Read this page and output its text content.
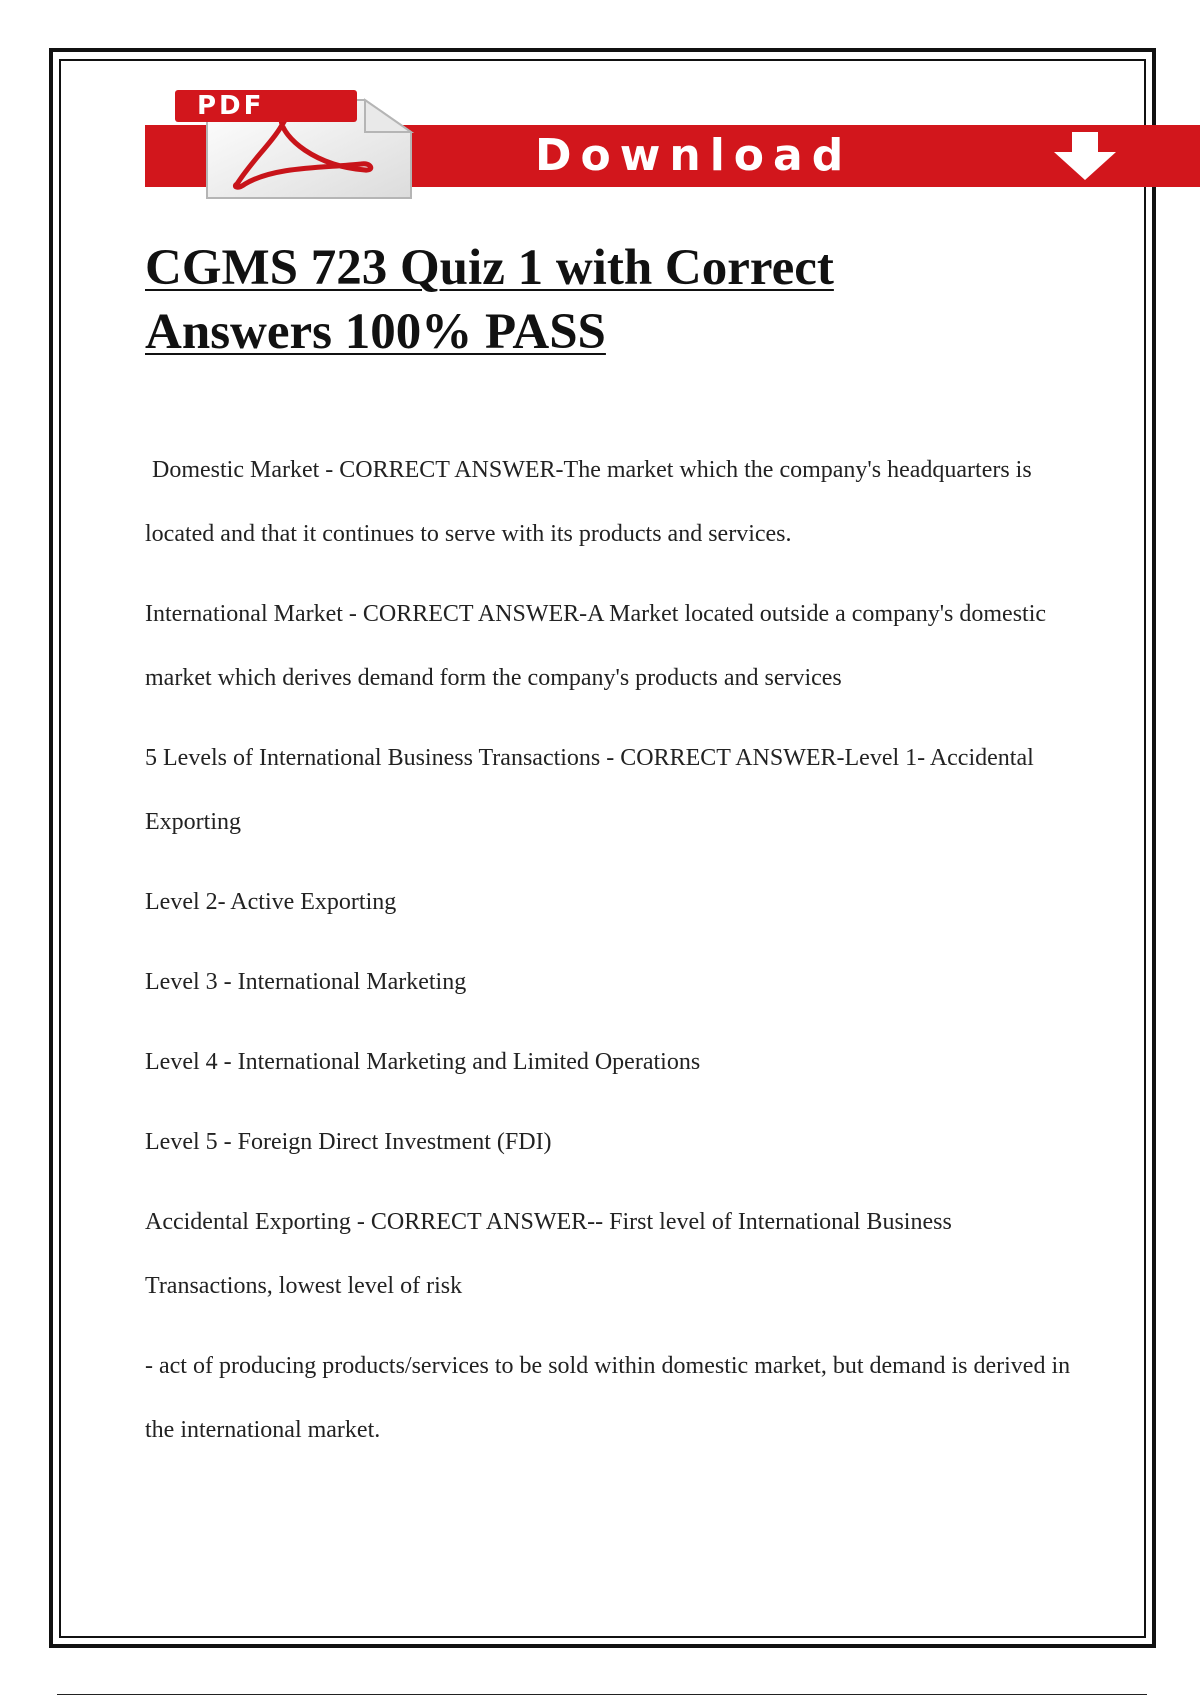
Download
PDF
CGMS 723 Quiz 1 with Correct
Answers 100% PASS

Domestic Market - CORRECT ANSWER-The market which the company's headquarters is located and that it continues to serve with its products and services.

International Market - CORRECT ANSWER-A Market located outside a company's domestic market which derives demand form the company's products and services

5 Levels of International Business Transactions - CORRECT ANSWER-Level 1- Accidental Exporting

Level 2- Active Exporting

Level 3 - International Marketing

Level 4 - International Marketing and Limited Operations

Level 5 - Foreign Direct Investment (FDI)

Accidental Exporting - CORRECT ANSWER-- First level of International Business Transactions, lowest level of risk

- act of producing products/services to be sold within domestic market, but demand is derived in the international market.
